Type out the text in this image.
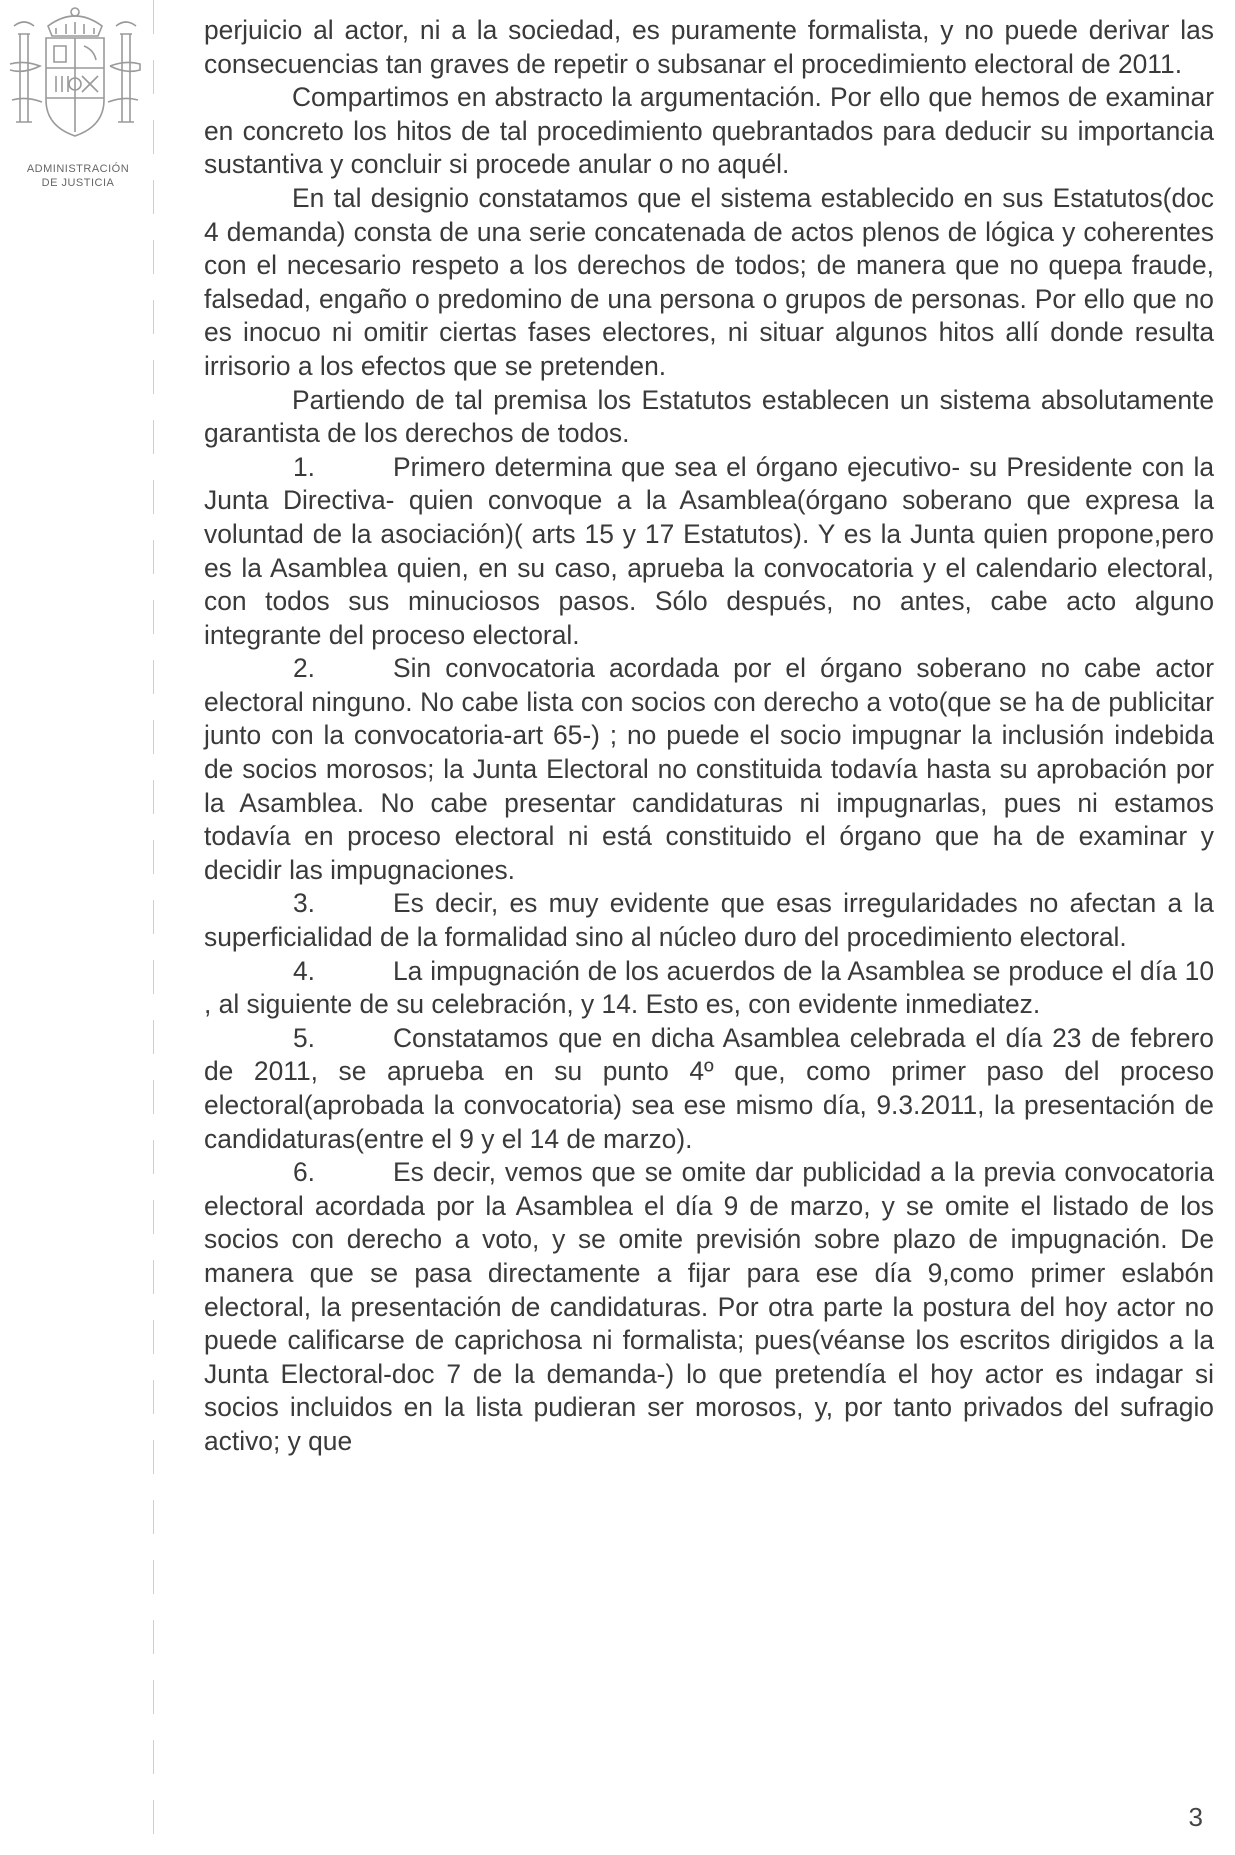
ADMINISTRACIÓN
DE JUSTICIA

perjuicio al actor, ni a la sociedad, es puramente formalista, y no puede derivar las consecuencias tan graves de repetir o subsanar el procedimiento electoral de 2011.

Compartimos en abstracto la argumentación. Por ello que hemos de examinar en concreto los hitos de tal procedimiento quebrantados para deducir su importancia sustantiva y concluir si procede anular o no aquél.

En tal designio constatamos que el sistema establecido en sus Estatutos(doc 4 demanda) consta de una serie concatenada de actos plenos de lógica y coherentes con el necesario respeto a los derechos de todos; de manera que no quepa fraude, falsedad, engaño o predomino de una persona o grupos de personas. Por ello que no es inocuo ni omitir ciertas fases electores, ni situar algunos hitos allí donde resulta irrisorio a los efectos que se pretenden.

Partiendo de tal premisa los Estatutos establecen un sistema absolutamente garantista de los derechos de todos.

1.	Primero determina que sea el órgano ejecutivo- su Presidente con la Junta Directiva- quien convoque a la Asamblea(órgano soberano que expresa la voluntad de la asociación)( arts 15 y 17 Estatutos). Y es la Junta quien propone,pero es la Asamblea quien, en su caso, aprueba la convocatoria y el calendario electoral, con todos sus minuciosos pasos. Sólo después, no antes, cabe acto alguno integrante del proceso electoral.

2.	Sin convocatoria acordada por el órgano soberano no cabe actor electoral ninguno. No cabe lista con socios con derecho a voto(que se ha de publicitar junto con la convocatoria-art 65-) ; no puede el socio impugnar la inclusión indebida de socios morosos; la Junta Electoral no constituida todavía hasta su aprobación por la Asamblea. No cabe presentar candidaturas ni impugnarlas, pues ni estamos todavía en proceso electoral ni está constituido el órgano que ha de examinar y decidir las impugnaciones.

3.	Es decir, es muy evidente que esas irregularidades no afectan a la superficialidad de la formalidad sino al núcleo duro del procedimiento electoral.

4.	La impugnación de los acuerdos de la Asamblea se produce el día 10 , al siguiente de su celebración, y 14. Esto es, con evidente inmediatez.

5.	Constatamos que en dicha Asamblea celebrada el día 23 de febrero de 2011, se aprueba en su punto 4º que, como primer paso del proceso electoral(aprobada la convocatoria) sea ese mismo día, 9.3.2011, la presentación de candidaturas(entre el 9 y el 14 de marzo).

6.	Es decir, vemos que se omite dar publicidad a la previa convocatoria electoral acordada por la Asamblea el día 9 de marzo, y se omite el listado de los socios con derecho a voto, y se omite previsión sobre plazo de impugnación. De manera que se pasa directamente a fijar para ese día 9,como primer eslabón electoral, la presentación de candidaturas. Por otra parte la postura del hoy actor no puede calificarse de caprichosa ni formalista; pues(véanse los escritos dirigidos a la Junta Electoral-doc 7 de la demanda-) lo que pretendía el hoy actor es indagar si socios incluidos en la lista pudieran ser morosos, y, por tanto privados del sufragio activo; y que

3
